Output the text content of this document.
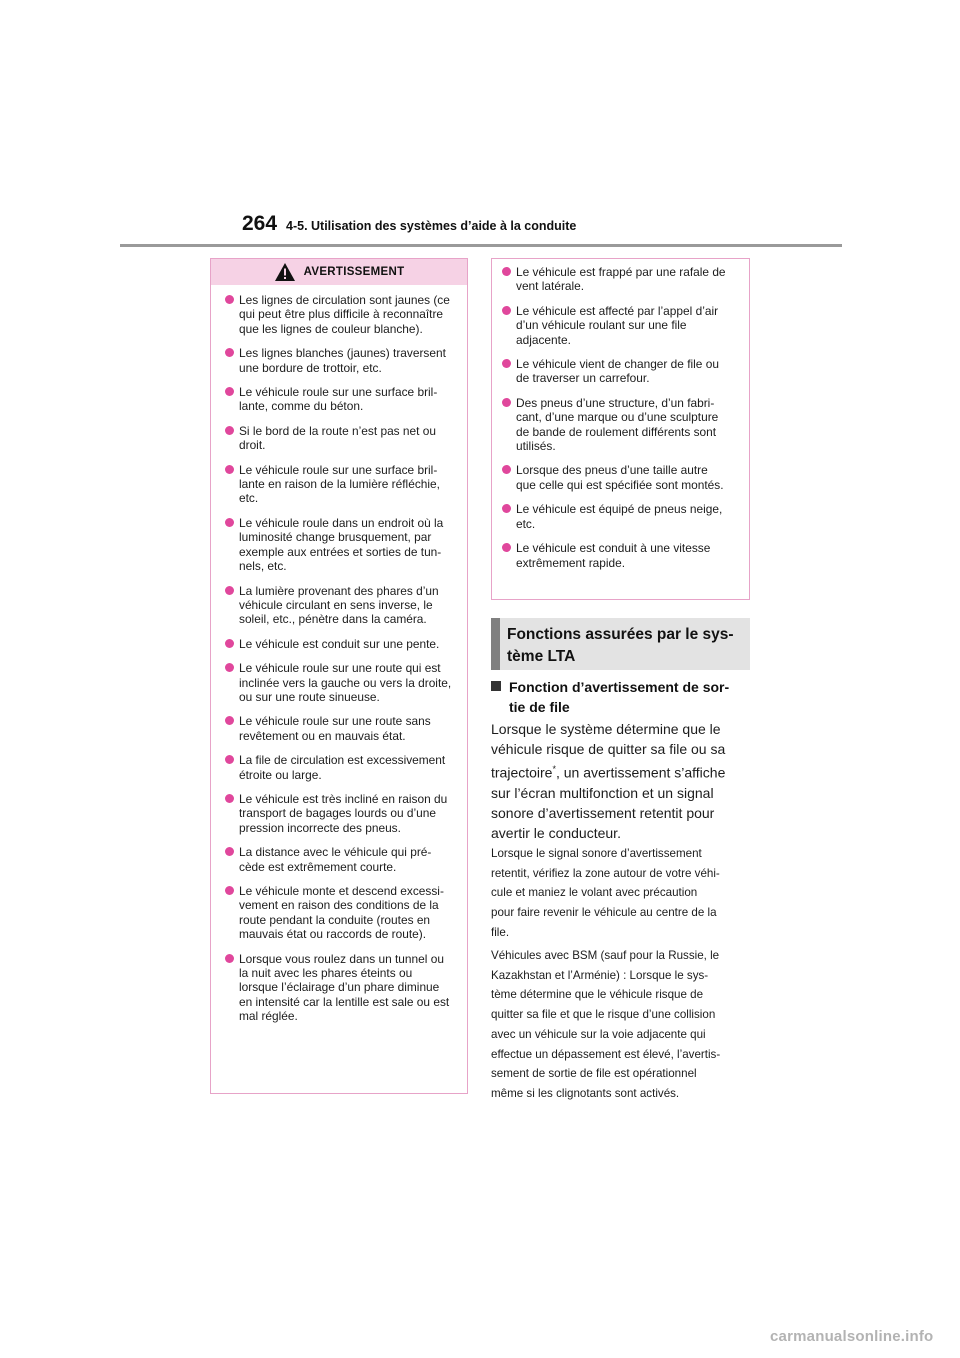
264 4-5. Utilisation des systèmes d’aide à la conduite
AVERTISSEMENT
Les lignes de circulation sont jaunes (ce
qui peut être plus difficile à reconnaître
que les lignes de couleur blanche).
Les lignes blanches (jaunes) traversent
une bordure de trottoir, etc.
Le véhicule roule sur une surface bril-
lante, comme du béton.
Si le bord de la route n’est pas net ou
droit.
Le véhicule roule sur une surface bril-
lante en raison de la lumière réfléchie,
etc.
Le véhicule roule dans un endroit où la
luminosité change brusquement, par
exemple aux entrées et sorties de tun-
nels, etc.
La lumière provenant des phares d’un
véhicule circulant en sens inverse, le
soleil, etc., pénètre dans la caméra.
Le véhicule est conduit sur une pente.
Le véhicule roule sur une route qui est
inclinée vers la gauche ou vers la droite,
ou sur une route sinueuse.
Le véhicule roule sur une route sans
revêtement ou en mauvais état.
La file de circulation est excessivement
étroite ou large.
Le véhicule est très incliné en raison du
transport de bagages lourds ou d’une
pression incorrecte des pneus.
La distance avec le véhicule qui pré-
cède est extrêmement courte.
Le véhicule monte et descend excessi-
vement en raison des conditions de la
route pendant la conduite (routes en
mauvais état ou raccords de route).
Lorsque vous roulez dans un tunnel ou
la nuit avec les phares éteints ou
lorsque l’éclairage d’un phare diminue
en intensité car la lentille est sale ou est
mal réglée.
Le véhicule est frappé par une rafale de
vent latérale.
Le véhicule est affecté par l’appel d’air
d’un véhicule roulant sur une file
adjacente.
Le véhicule vient de changer de file ou
de traverser un carrefour.
Des pneus d’une structure, d’un fabri-
cant, d’une marque ou d’une sculpture
de bande de roulement différents sont
utilisés.
Lorsque des pneus d’une taille autre
que celle qui est spécifiée sont montés.
Le véhicule est équipé de pneus neige,
etc.
Le véhicule est conduit à une vitesse
extrêmement rapide.
Fonctions assurées par le sys-
tème LTA
Fonction d’avertissement de sor-
tie de file

Lorsque le système détermine que le

véhicule risque de quitter sa file ou sa

trajectoire*, un avertissement s’affiche

sur l’écran multifonction et un signal

sonore d’avertissement retentit pour

avertir le conducteur.

Lorsque le signal sonore d’avertissement

retentit, vérifiez la zone autour de votre véhi-

cule et maniez le volant avec précaution

pour faire revenir le véhicule au centre de la

file.

Véhicules avec BSM (sauf pour la Russie, le

Kazakhstan et l’Arménie) : Lorsque le sys-

tème détermine que le véhicule risque de

quitter sa file et que le risque d’une collision

avec un véhicule sur la voie adjacente qui

effectue un dépassement est élevé, l’avertis-

sement de sortie de file est opérationnel

même si les clignotants sont activés.

carmanualsonline.info
